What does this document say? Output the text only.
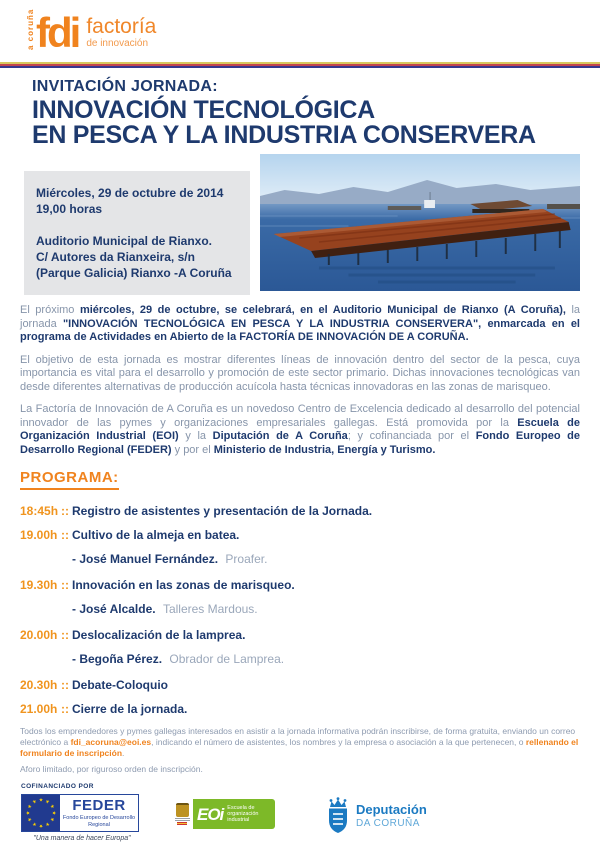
a coruña fdi factoría
de innovación
INVITACIÓN JORNADA:
INNOVACIÓN TECNOLÓGICA
EN PESCA Y LA INDUSTRIA CONSERVERA

Miércoles, 29 de octubre de 2014

19,00 horas

Auditorio Municipal de Rianxo.

C/ Autores da Rianxeira, s/n

(Parque Galicia) Rianxo -A Coruña

El próximo miércoles, 29 de octubre, se celebrará, en el Auditorio Municipal de Rianxo (A Coruña), la jornada "INNOVACIÓN TECNOLÓGICA EN PESCA Y LA INDUSTRIA CONSERVERA", enmarcada en el programa de Actividades en Abierto de la FACTORÍA DE INNOVACIÓN DE A CORUÑA.

El objetivo de esta jornada es mostrar diferentes líneas de innovación dentro del sector de la pesca, cuya importancia es vital para el desarrollo y promoción de este sector primario. Dichas innovaciones tecnológicas van desde diferentes alternativas de producción acuícola hasta técnicas innovadoras en las zonas de marisqueo.

La Factoría de Innovación de A Coruña es un novedoso Centro de Excelencia dedicado al desarrollo del potencial innovador de las pymes y organizaciones empresariales gallegas. Está promovida por la Escuela de Organización Industrial (EOI) y la Diputación de A Coruña; y cofinanciada por el Fondo Europeo de Desarrollo Regional (FEDER) y por el Ministerio de Industria, Energía y Turismo.

PROGRAMA:
18:45h :: Registro de asistentes y presentación de la Jornada.
19.00h :: Cultivo de la almeja en batea.
- José Manuel Fernández. Proafer.
19.30h :: Innovación en las zonas de marisqueo.
- José Alcalde. Talleres Mardous.
20.00h :: Deslocalización de la lamprea.
- Begoña Pérez. Obrador de Lamprea.
20.30h :: Debate-Coloquio
21.00h :: Cierre de la jornada.

Todos los emprendedores y pymes gallegas interesados en asistir a la jornada informativa podrán inscribirse, de forma gratuita, enviando un correo electrónico a fdi_acoruna@eoi.es, indicando el número de asistentes, los nombres y la empresa o asociación a la que pertenecen, o rellenando el formulario de inscripción.

Aforo limitado, por riguroso orden de inscripción.

COFINANCIADO POR

★ ★
★
★
★
★
★
★
★
★
★
★ FEDER
Fondo Europeo de Desarrollo Regional
"Una manera de hacer Europa"
EOi Escuela de organización industrial
Deputación
DA CORUÑA
